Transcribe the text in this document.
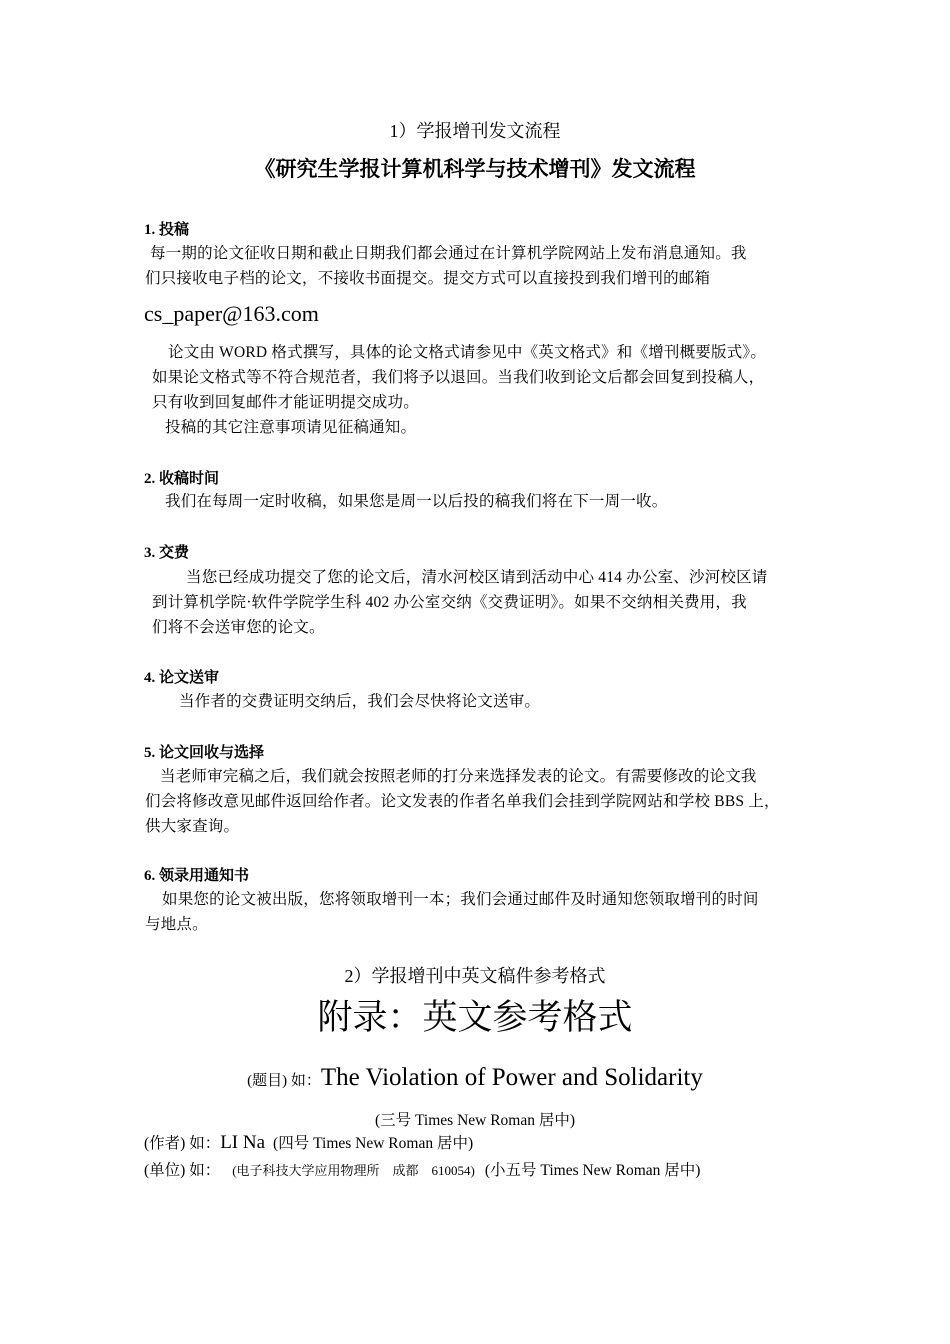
1）学报增刊发文流程
《研究生学报计算机科学与技术增刊》发文流程
1. 投稿
每一期的论文征收日期和截止日期我们都会通过在计算机学院网站上发布消息通知。我
们只接收电子档的论文，不接收书面提交。提交方式可以直接投到我们增刊的邮箱
cs_paper@163.com
论文由 WORD 格式撰写，具体的论文格式请参见中《英文格式》和《增刊概要版式》。
如果论文格式等不符合规范者，我们将予以退回。当我们收到论文后都会回复到投稿人，
只有收到回复邮件才能证明提交成功。
投稿的其它注意事项请见征稿通知。
2. 收稿时间
我们在每周一定时收稿，如果您是周一以后投的稿我们将在下一周一收。
3. 交费
当您已经成功提交了您的论文后，清水河校区请到活动中心 414 办公室、沙河校区请
到计算机学院·软件学院学生科 402 办公室交纳《交费证明》。如果不交纳相关费用，我
们将不会送审您的论文。
4. 论文送审
当作者的交费证明交纳后，我们会尽快将论文送审。
5. 论文回收与选择
当老师审完稿之后，我们就会按照老师的打分来选择发表的论文。有需要修改的论文我
们会将修改意见邮件返回给作者。论文发表的作者名单我们会挂到学院网站和学校 BBS 上，
供大家查询。
6. 领录用通知书
如果您的论文被出版，您将领取增刊一本；我们会通过邮件及时通知您领取增刊的时间
与地点。
2）学报增刊中英文稿件参考格式
附录：英文参考格式
(题目) 如：The Violation of Power and Solidarity
(三号 Times New Roman 居中)
(作者) 如：LI Na (四号 Times New Roman 居中)
(单位) 如： (电子科技大学应用物理所    成都    610054) (小五号 Times New Roman 居中)
